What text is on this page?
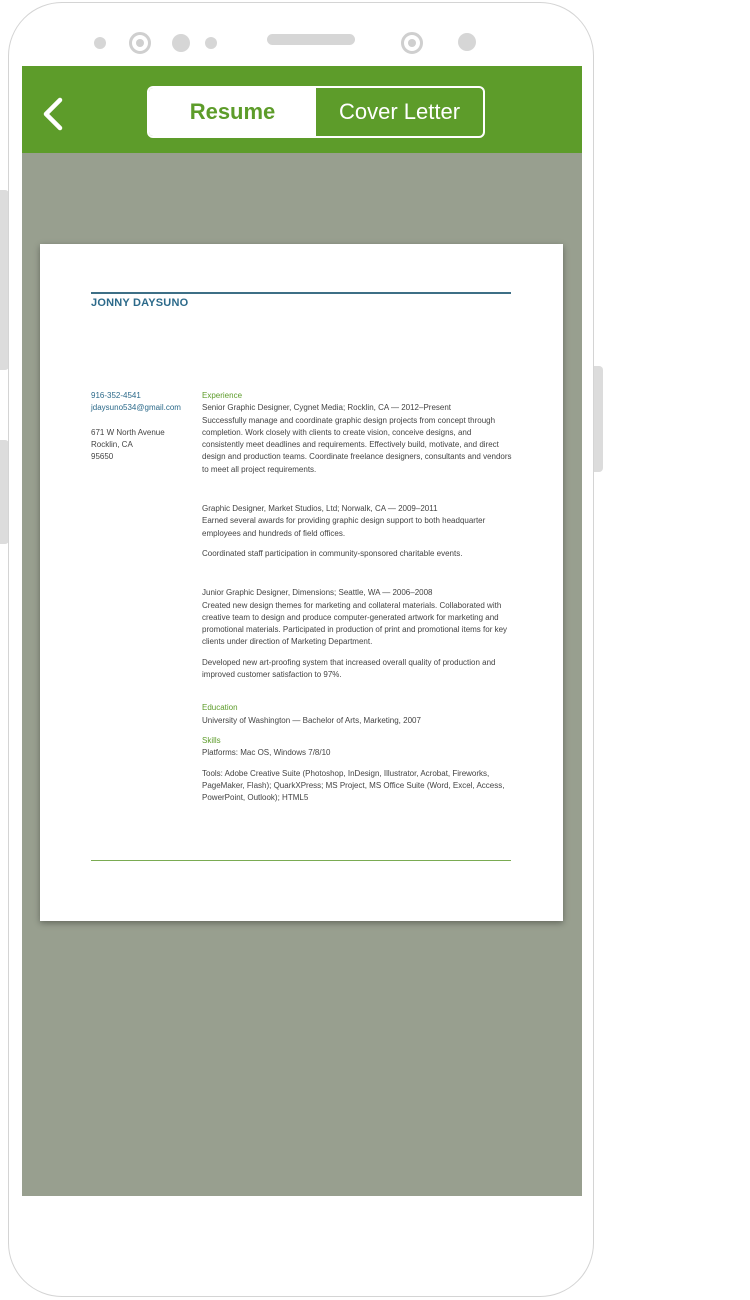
Resume	Cover Letter
JONNY DAYSUNO
916-352-4541
jdaysuno534@gmail.com
671 W North Avenue
Rocklin, CA
95650
Experience

Senior Graphic Designer, Cygnet Media; Rocklin, CA — 2012–Present

Successfully manage and coordinate graphic design projects from concept through completion. Work closely with clients to create vision, conceive designs, and consistently meet deadlines and requirements. Effectively build, motivate, and direct design and production teams. Coordinate freelance designers, consultants and vendors to meet all project requirements.

Graphic Designer, Market Studios, Ltd; Norwalk, CA — 2009–2011

Earned several awards for providing graphic design support to both headquarter employees and hundreds of field offices.

Coordinated staff participation in community-sponsored charitable events.

Junior Graphic Designer, Dimensions; Seattle, WA — 2006–2008

Created new design themes for marketing and collateral materials. Collaborated with creative team to design and produce computer-generated artwork for marketing and promotional materials. Participated in production of print and promotional items for key clients under direction of Marketing Department.

Developed new art-proofing system that increased overall quality of production and improved customer satisfaction to 97%.

Education

University of Washington — Bachelor of Arts, Marketing, 2007

Skills

Platforms: Mac OS, Windows 7/8/10

Tools: Adobe Creative Suite (Photoshop, InDesign, Illustrator, Acrobat, Fireworks, PageMaker, Flash); QuarkXPress; MS Project, MS Office Suite (Word, Excel, Access, PowerPoint, Outlook); HTML5
